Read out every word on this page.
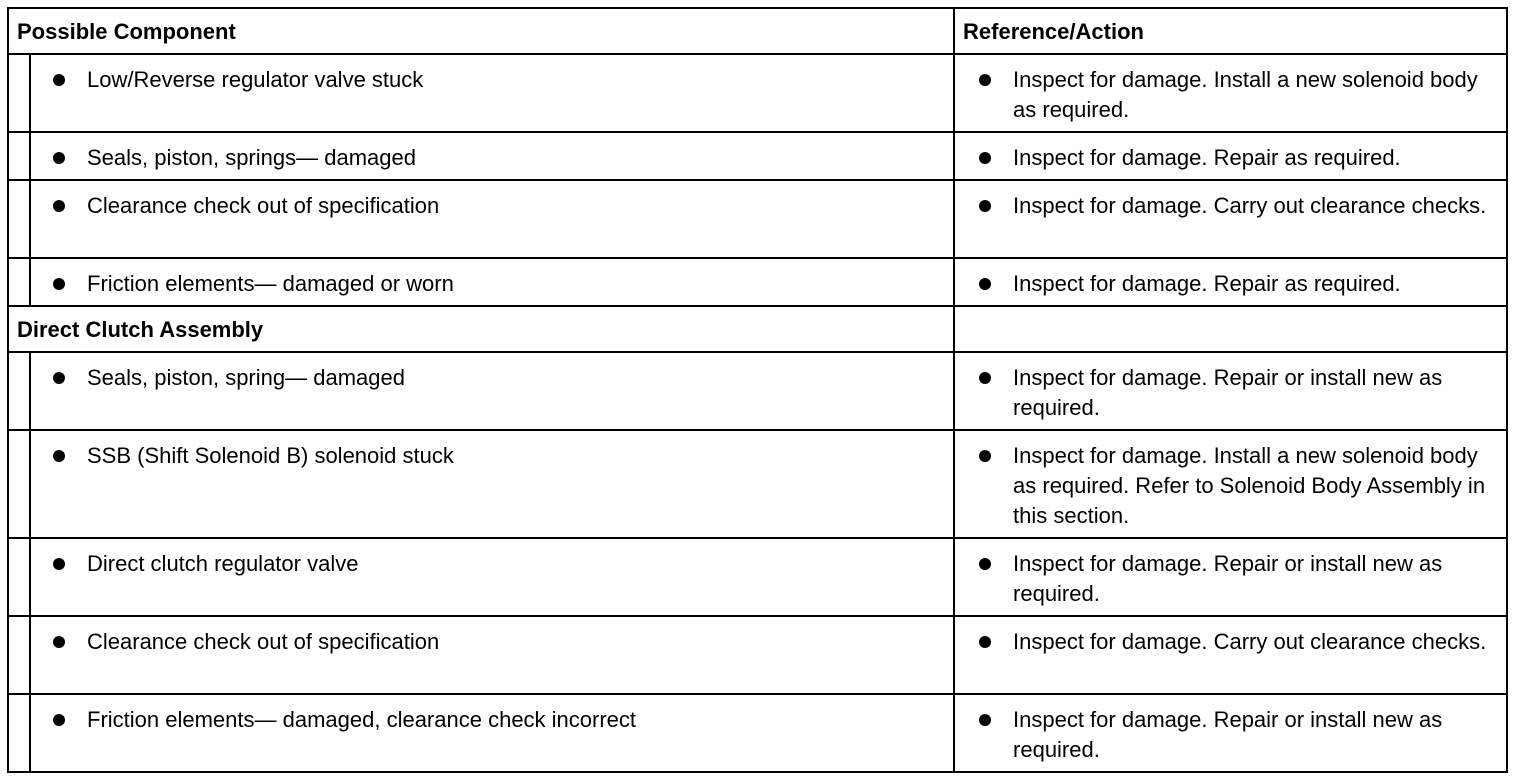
Possible Component		Reference/Action

	Low/Reverse regulator valve stuck	Inspect for damage. Install a new solenoid body as required.

	Seals, piston, springs— damaged	Inspect for damage. Repair as required.

	Clearance check out of specification	Inspect for damage. Carry out clearance checks.

	Friction elements— damaged or worn	Inspect for damage. Repair as required.

Direct Clutch Assembly		

	Seals, piston, spring— damaged	Inspect for damage. Repair or install new as required.

	SSB (Shift Solenoid B) solenoid stuck	Inspect for damage. Install a new solenoid body as required. Refer to Solenoid Body Assembly in this section.

	Direct clutch regulator valve	Inspect for damage. Repair or install new as required.

	Clearance check out of specification	Inspect for damage. Carry out clearance checks.

	Friction elements— damaged, clearance check incorrect	Inspect for damage. Repair or install new as required.
